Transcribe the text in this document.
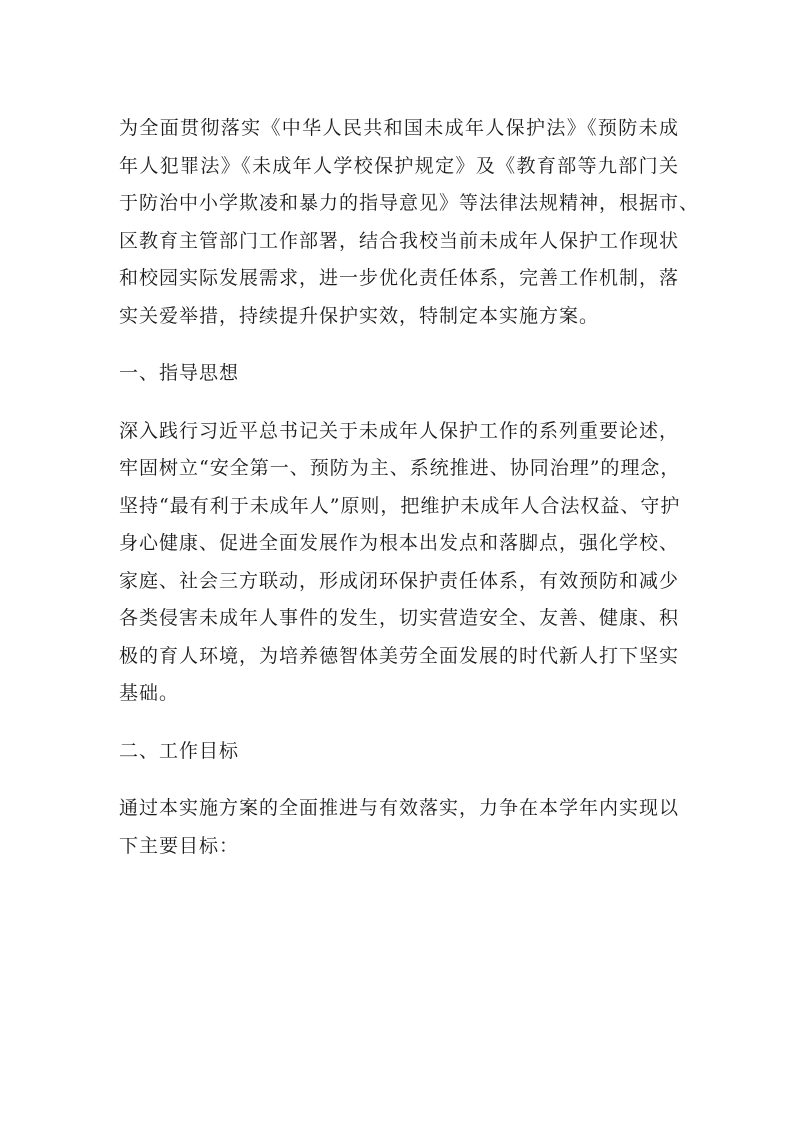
为全面贯彻落实《中华人民共和国未成年人保护法》《预防未成
年人犯罪法》《未成年人学校保护规定》及《教育部等九部门关
于防治中小学欺凌和暴力的指导意见》等法律法规精神，根据市、
区教育主管部门工作部署，结合我校当前未成年人保护工作现状
和校园实际发展需求，进一步优化责任体系，完善工作机制，落
实关爱举措，持续提升保护实效，特制定本实施方案。
一、指导思想
深入践行习近平总书记关于未成年人保护工作的系列重要论述，
牢固树立“安全第一、预防为主、系统推进、协同治理”的理念，
坚持“最有利于未成年人”原则，把维护未成年人合法权益、守护
身心健康、促进全面发展作为根本出发点和落脚点，强化学校、
家庭、社会三方联动，形成闭环保护责任体系，有效预防和减少
各类侵害未成年人事件的发生，切实营造安全、友善、健康、积
极的育人环境，为培养德智体美劳全面发展的时代新人打下坚实
基础。
二、工作目标
通过本实施方案的全面推进与有效落实，力争在本学年内实现以
下主要目标：
